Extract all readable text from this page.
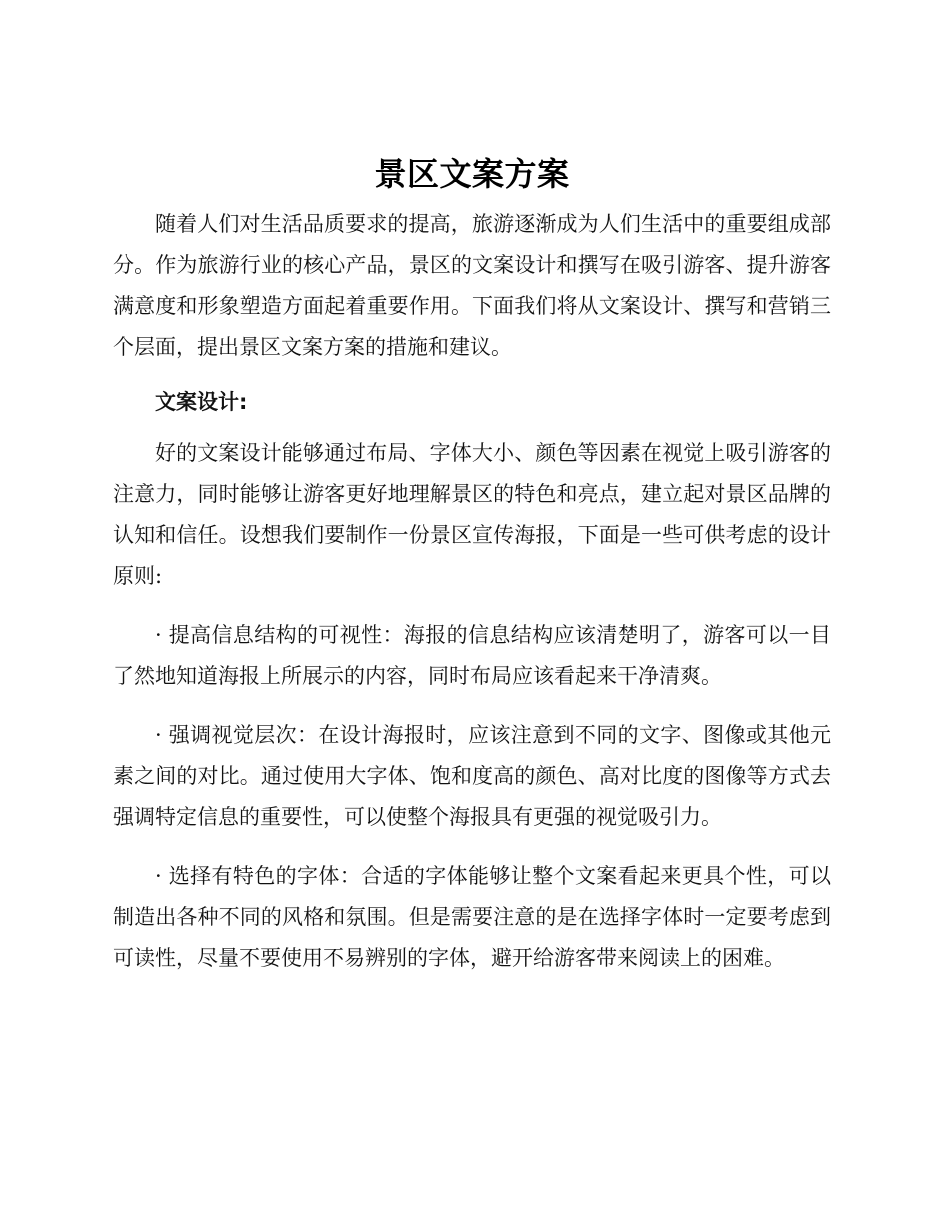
景区文案方案

随着人们对生活品质要求的提高，旅游逐渐成为人们生活中的重要组成部分。作为旅游行业的核心产品，景区的文案设计和撰写在吸引游客、提升游客满意度和形象塑造方面起着重要作用。下面我们将从文案设计、撰写和营销三个层面，提出景区文案方案的措施和建议。

文案设计:

好的文案设计能够通过布局、字体大小、颜色等因素在视觉上吸引游客的注意力，同时能够让游客更好地理解景区的特色和亮点，建立起对景区品牌的认知和信任。设想我们要制作一份景区宣传海报，下面是一些可供考虑的设计原则:

· 提高信息结构的可视性：海报的信息结构应该清楚明了，游客可以一目了然地知道海报上所展示的内容，同时布局应该看起来干净清爽。

· 强调视觉层次：在设计海报时，应该注意到不同的文字、图像或其他元素之间的对比。通过使用大字体、饱和度高的颜色、高对比度的图像等方式去强调特定信息的重要性，可以使整个海报具有更强的视觉吸引力。

· 选择有特色的字体：合适的字体能够让整个文案看起来更具个性，可以制造出各种不同的风格和氛围。但是需要注意的是在选择字体时一定要考虑到可读性，尽量不要使用不易辨别的字体，避开给游客带来阅读上的困难。
